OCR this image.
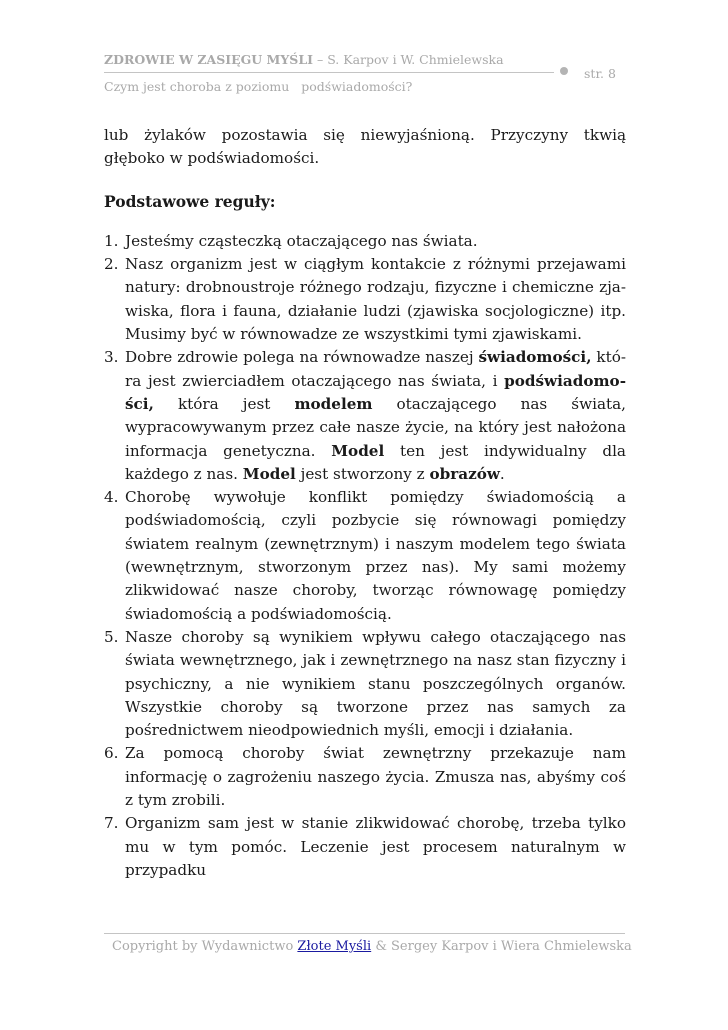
ZDROWIE W ZASIĘGU MYŚLI – S. Karpov i W. Chmielewska
str. 8
Czym jest choroba z poziomu   podświadomości?

lub żylaków pozostawia się niewyjaśnioną. Przyczyny tkwią głęboko w podświadomości.

Podstawowe reguły:
1. Jesteśmy cząsteczką otaczającego nas świata.
2. Nasz organizm jest w ciągłym kontakcie z różnymi przejawami natury: drobnoustroje różnego rodzaju, fizyczne i chemiczne zjawiska, flora i fauna, działanie ludzi (zjawiska socjologiczne) itp. Musimy być w równowadze ze wszystkimi tymi zjawiskami.
3. Dobre zdrowie polega na równowadze naszej świadomości, która jest zwierciadłem otaczającego nas świata, i podświadomości, która jest modelem otaczającego nas świata, wypracowywanym przez całe nasze życie, na który jest nałożona informacja genetyczna. Model ten jest indywidualny dla każdego z nas. Model jest stworzony z obrazów.
4. Chorobę wywołuje konflikt pomiędzy świadomością a podświadomością, czyli pozbycie się równowagi pomiędzy światem realnym (zewnętrznym) i naszym modelem tego świata (wewnętrznym, stworzonym przez nas). My sami możemy zlikwidować nasze choroby, tworząc równowagę pomiędzy świadomością a podświadomością.
5. Nasze choroby są wynikiem wpływu całego otaczającego nas świata wewnętrznego, jak i zewnętrznego na nasz stan fizyczny i psychiczny, a nie wynikiem stanu poszczególnych organów. Wszystkie choroby są tworzone przez nas samych za pośrednictwem nieodpowiednich myśli, emocji i działania.
6. Za pomocą choroby świat zewnętrzny przekazuje nam informację o zagrożeniu naszego życia. Zmusza nas, abyśmy coś z tym zrobili.
7. Organizm sam jest w stanie zlikwidować chorobę, trzeba tylko mu w tym pomóc. Leczenie jest procesem naturalnym w przypadku
Copyright by Wydawnictwo Złote Myśli & Sergey Karpov i Wiera Chmielewska
